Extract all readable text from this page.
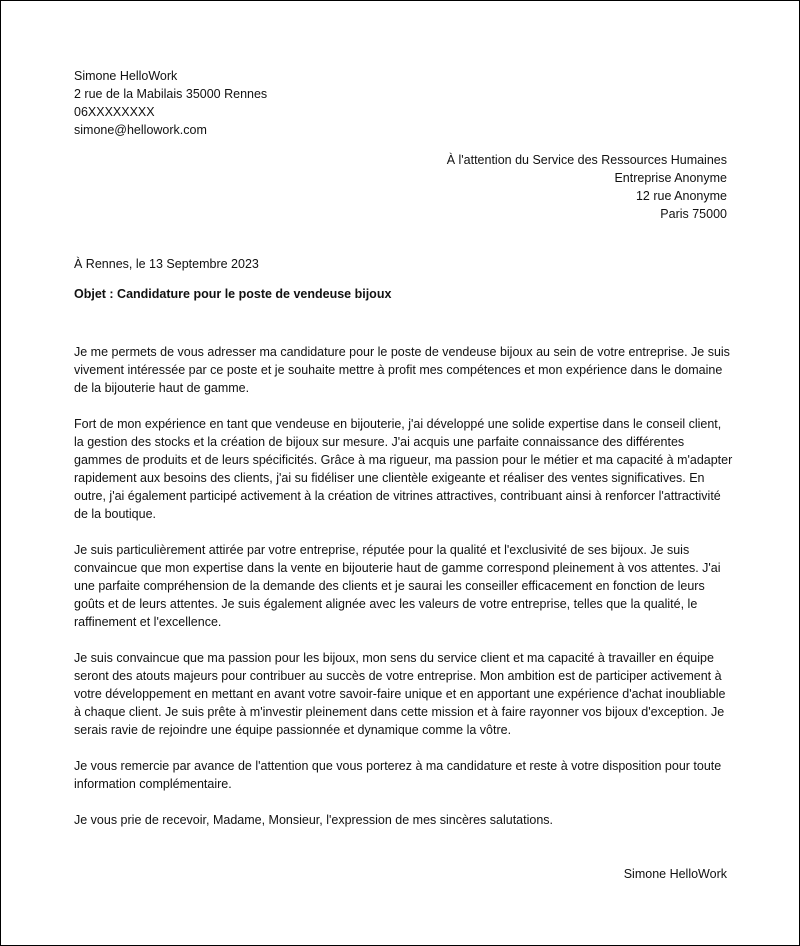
Simone HelloWork
2 rue de la Mabilais 35000 Rennes
06XXXXXXXX
simone@hellowork.com
À l'attention du Service des Ressources Humaines
Entreprise Anonyme
12 rue Anonyme
Paris 75000
À Rennes, le 13 Septembre 2023
Objet : Candidature pour le poste de vendeuse bijoux

Je me permets de vous adresser ma candidature pour le poste de vendeuse bijoux au sein de votre entreprise. Je suis vivement intéressée par ce poste et je souhaite mettre à profit mes compétences et mon expérience dans le domaine de la bijouterie haut de gamme.

Fort de mon expérience en tant que vendeuse en bijouterie, j'ai développé une solide expertise dans le conseil client, la gestion des stocks et la création de bijoux sur mesure. J'ai acquis une parfaite connaissance des différentes gammes de produits et de leurs spécificités. Grâce à ma rigueur, ma passion pour le métier et ma capacité à m'adapter rapidement aux besoins des clients, j'ai su fidéliser une clientèle exigeante et réaliser des ventes significatives. En outre, j'ai également participé activement à la création de vitrines attractives, contribuant ainsi à renforcer l'attractivité de la boutique.

Je suis particulièrement attirée par votre entreprise, réputée pour la qualité et l'exclusivité de ses bijoux. Je suis convaincue que mon expertise dans la vente en bijouterie haut de gamme correspond pleinement à vos attentes. J'ai une parfaite compréhension de la demande des clients et je saurai les conseiller efficacement en fonction de leurs goûts et de leurs attentes. Je suis également alignée avec les valeurs de votre entreprise, telles que la qualité, le raffinement et l'excellence.

Je suis convaincue que ma passion pour les bijoux, mon sens du service client et ma capacité à travailler en équipe seront des atouts majeurs pour contribuer au succès de votre entreprise. Mon ambition est de participer activement à votre développement en mettant en avant votre savoir-faire unique et en apportant une expérience d'achat inoubliable à chaque client. Je suis prête à m'investir pleinement dans cette mission et à faire rayonner vos bijoux d'exception. Je serais ravie de rejoindre une équipe passionnée et dynamique comme la vôtre.

Je vous remercie par avance de l'attention que vous porterez à ma candidature et reste à votre disposition pour toute information complémentaire.

Je vous prie de recevoir, Madame, Monsieur, l'expression de mes sincères salutations.

Simone HelloWork
